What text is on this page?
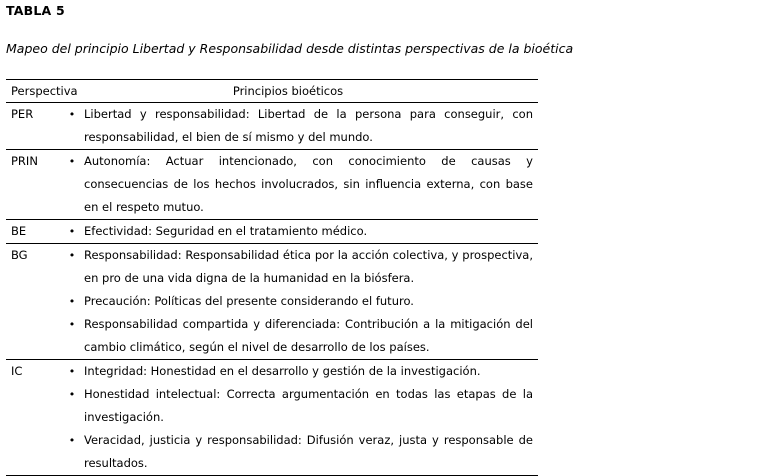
TABLA 5
Mapeo del principio Libertad y Responsabilidad desde distintas perspectivas de la bioética
Perspectiva	Principios bioéticos
PER	• Libertad y responsabilidad: Libertad de la persona para conseguir, con responsabilidad, el bien de sí mismo y del mundo.
PRIN	• Autonomía: Actuar intencionado, con conocimiento de causas y consecuencias de los hechos involucrados, sin influencia externa, con base en el respeto mutuo.
BE	• Efectividad: Seguridad en el tratamiento médico.
BG	• Responsabilidad: Responsabilidad ética por la acción colectiva, y prospectiva, en pro de una vida digna de la humanidad en la biósfera.
• Precaución: Políticas del presente considerando el futuro.
• Responsabilidad compartida y diferenciada: Contribución a la mitigación del cambio climático, según el nivel de desarrollo de los países.
IC	• Integridad: Honestidad en el desarrollo y gestión de la investigación.
• Honestidad intelectual: Correcta argumentación en todas las etapas de la investigación.
• Veracidad, justicia y responsabilidad: Difusión veraz, justa y responsable de resultados.
